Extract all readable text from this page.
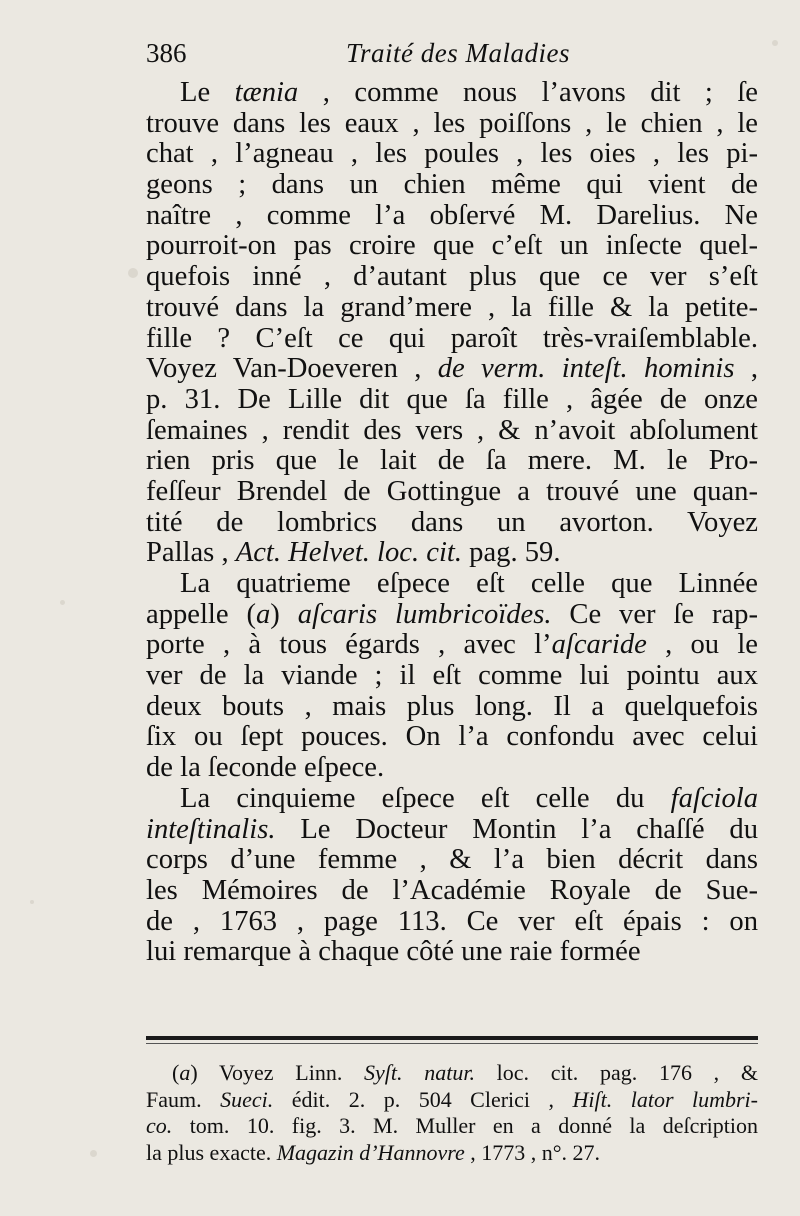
386	Traité des Maladies
Le tænia , comme nous l’avons dit ; ſe
trouve dans les eaux , les poiſſons , le chien , le
chat , l’agneau , les poules , les oies , les pi-
geons ; dans un chien même qui vient de
naître , comme l’a obſervé M. Darelius. Ne
pourroit-on pas croire que c’eſt un inſecte quel-
quefois inné , d’autant plus que ce ver s’eſt
trouvé dans la grand’mere , la fille & la petite-
fille ? C’eſt ce qui paroît très-vraiſemblable.
Voyez Van-Doeveren , de verm. inteſt. hominis ,
p. 31. De Lille dit que ſa fille , âgée de onze
ſemaines , rendit des vers , & n’avoit abſolument
rien pris que le lait de ſa mere. M. le Pro-
feſſeur Brendel de Gottingue a trouvé une quan-
tité de lombrics dans un avorton. Voyez
Pallas , Act. Helvet. loc. cit. pag. 59.
La quatrieme eſpece eſt celle que Linnée
appelle (a) aſcaris lumbricoïdes. Ce ver ſe rap-
porte , à tous égards , avec l’aſcaride , ou le
ver de la viande ; il eſt comme lui pointu aux
deux bouts , mais plus long. Il a quelquefois
ſix ou ſept pouces. On l’a confondu avec celui
de la ſeconde eſpece.
La cinquieme eſpece eſt celle du faſciola
inteſtinalis. Le Docteur Montin l’a chaſſé du
corps d’une femme , & l’a bien décrit dans
les Mémoires de l’Académie Royale de Sue-
de , 1763 , page 113. Ce ver eſt épais : on
lui remarque à chaque côté une raie formée
(a) Voyez Linn. Syſt. natur. loc. cit. pag. 176 , &
Faum. Sueci. édit. 2. p. 504 Clerici , Hiſt. lator lumbri-
co. tom. 10. fig. 3. M. Muller en a donné la deſcription
la plus exacte. Magazin d’Hannovre , 1773 , n°. 27.
